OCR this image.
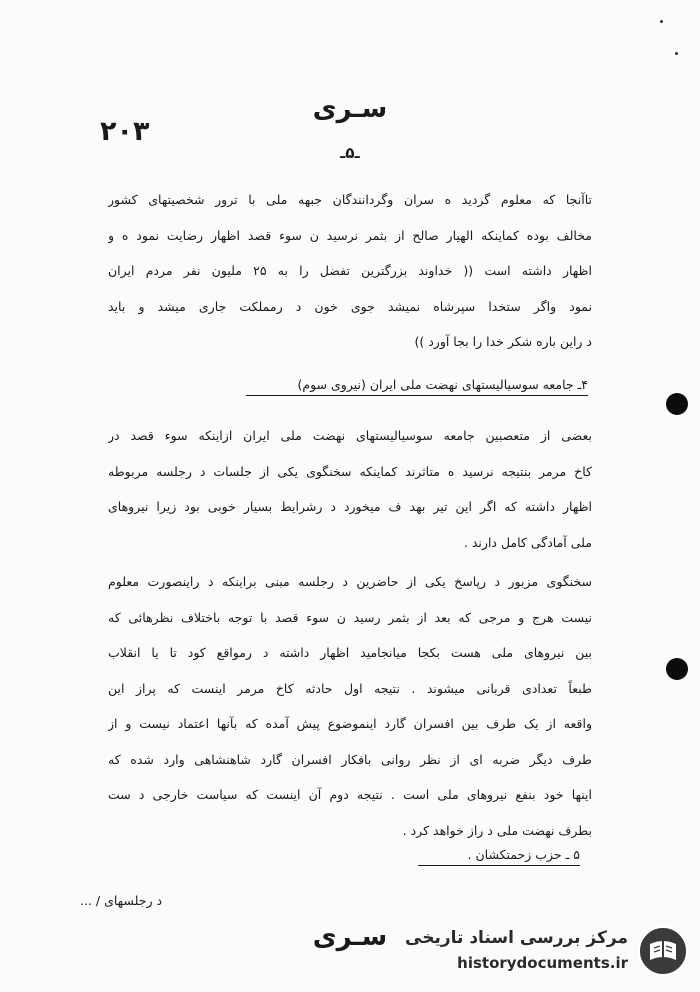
سـری
۲۰۳
ـ۵ـ
تاآنجا که معلوم گردید ه سران وگردانندگان جبهه ملی با ترور شخصیتهای کشور
مخالف بوده کماینکه الهیار صالح از بثمر نرسید ن سوء قصد اظهار رضایت نمود ه و
اظهار داشته است (( خداوند بزرگترین تفضل را به ۲۵ ملیون نفر مردم ایران
نمود واگر ستخدا سپرشاه نمیشد جوی خون د رمملکت جاری میشد و باید
د راین باره شکر خدا را بجا آورد ))
۴ـ جامعه سوسیالیستهای نهضت ملی ایران (نیروی سوم)
بعضی از متعصبین جامعه سوسیالیستهای نهضت ملی ایران ازاینکه سوء قصد در
کاخ مرمر بنتیجه نرسید ه متاثرند کماینکه سخنگوی یکی از جلسات د رجلسه مربوطه
اظهار داشته که اگر این تیر بهد ف میخورد د رشرایط بسیار خوبی بود زیرا نیروهای
ملی آمادگی کامل دارند .
سخنگوی مزبور د رپاسخ یکی از حاضرین د رجلسه مبنی براینکه د راینصورت معلوم
نیست هرج و مرجی که بعد از بثمر رسید ن سوء قصد با توجه باختلاف نظرهائی که
بین نیروهای ملی هست بکجا میانجامید اظهار داشته د رمواقع کود تا یا انقلاب
طبعاً تعدادی قربانی میشوند . نتیجه اول حادثه کاخ مرمر اینست که پراز این
واقعه از یک طرف بین افسران گارد اینموضوع پیش آمده که بآنها اعتماد نیست و از
طرف دیگر ضربه ای از نظر روانی بافکار افسران گارد شاهنشاهی وارد شده که
اینها خود بنفع نیروهای ملی است . نتیجه دوم آن اینست که سیاست خارجی د ست
بطرف نهضت ملی د راز خواهد کرد .
۵ ـ حزب زحمتکشان .
د رجلسهای / ...
سـری	مرکز بررسی اسناد تاریخی
historydocuments.ir
